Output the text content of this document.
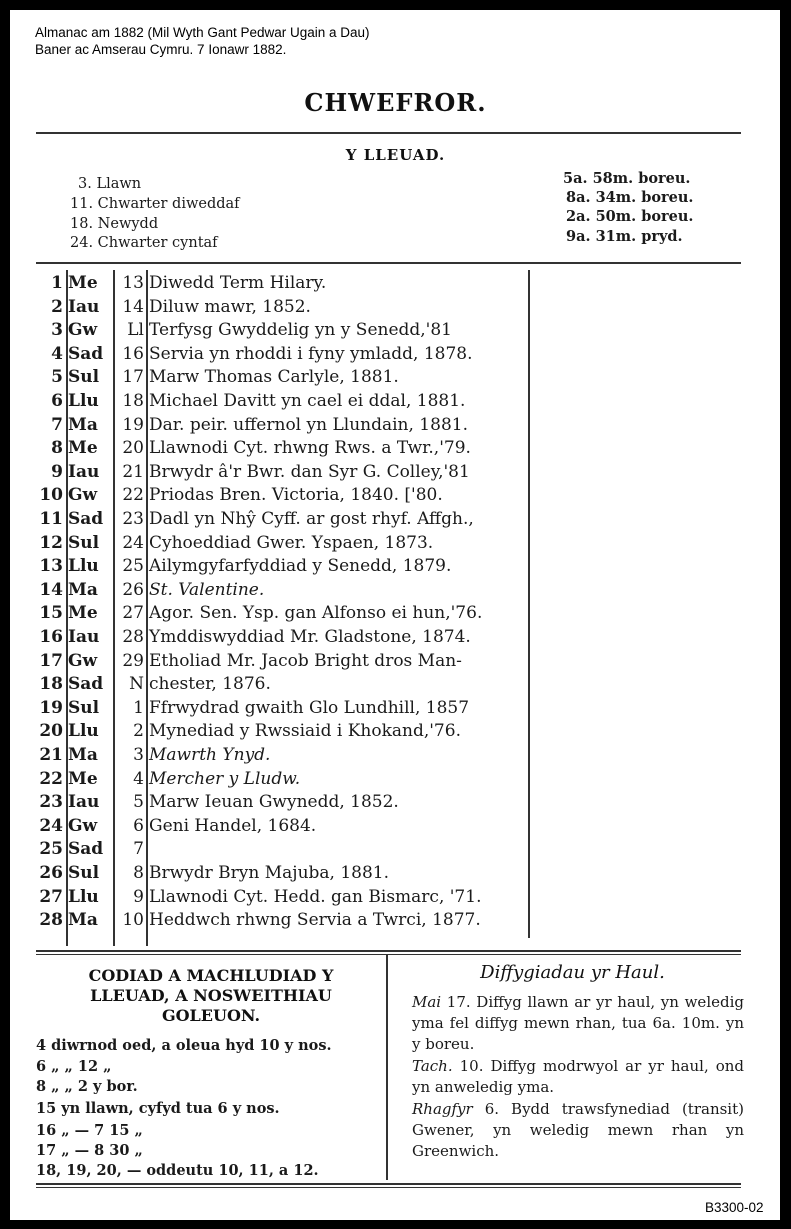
Almanac am 1882 (Mil Wyth Gant Pedwar Ugain a Dau)
Baner ac Amserau Cymru. 7 Ionawr 1882.
CHWEFROR.
Y LLEUAD.
3. Llawn	5a. 58m. boreu.
11. Chwarter diweddaf	8a. 34m. boreu.
18. Newydd	2a. 50m. boreu.
24. Chwarter cyntaf	9a. 31m. pryd.
1 Me	13 Diwedd Term Hilary.
2 Iau	14 Diluw mawr, 1852.
3 Gw	Ll Terfysg Gwyddelig yn y Senedd,'81
4 Sad	16 Servia yn rhoddi i fyny ymladd, 1878.
5 Sul	17 Marw Thomas Carlyle, 1881.
6 Llu	18 Michael Davitt yn cael ei ddal, 1881.
7 Ma	19 Dar. peir. uffernol yn Llundain, 1881.
8 Me	20 Llawnodi Cyt. rhwng Rws. a Twr.,'79.
9 Iau	21 Brwydr â'r Bwr. dan Syr G. Colley,'81
10 Gw	22 Priodas Bren. Victoria, 1840. ['80.
11 Sad	23 Dadl yn Nhŷ Cyff. ar gost rhyf. Affgh.,
12 Sul	24 Cyhoeddiad Gwer. Yspaen, 1873.
13 Llu	25 Ailymgyfarfyddiad y Senedd, 1879.
14 Ma	26 St. Valentine.
15 Me	27 Agor. Sen. Ysp. gan Alfonso ei hun,'76.
16 Iau	28 Ymddiswyddiad Mr. Gladstone, 1874.
17 Gw	29 Etholiad Mr. Jacob Bright dros Man-
18 Sad	N chester, 1876.
19 Sul	1 Ffrwydrad gwaith Glo Lundhill, 1857
20 Llu	2 Mynediad y Rwssiaid i Khokand,'76.
21 Ma	3 Mawrth Ynyd.
22 Me	4 Mercher y Lludw.
23 Iau	5 Marw Ieuan Gwynedd, 1852.
24 Gw	6 Geni Handel, 1684.
25 Sad	7
26 Sul	8 Brwydr Bryn Majuba, 1881.
27 Llu	9 Llawnodi Cyt. Hedd. gan Bismarc, '71.
28 Ma	10 Heddwch rhwng Servia a Twrci, 1877.
CODIAD A MACHLUDIAD Y
LLEUAD, A NOSWEITHIAU
GOLEUON.
4 diwrnod oed, a oleua hyd 10 y nos.
6 „ „ 12 „
8 „ „ 2 y bor.
15 yn llawn, cyfyd tua 6 y nos.
16 „ — 7 15 „
17 „ — 8 30 „
18, 19, 20, — oddeutu 10, 11, a 12.
Diffygiadau yr Haul.
Mai 17. Diffyg llawn ar yr haul, yn weledig yma fel diffyg mewn rhan, tua 6a. 10m. yn y boreu.
Tach. 10. Diffyg modrwyol ar yr haul, ond yn anweledig yma.
Rhagfyr 6. Bydd trawsfynediad (transit) Gwener, yn weledig mewn rhan yn Greenwich.
B3300-02
